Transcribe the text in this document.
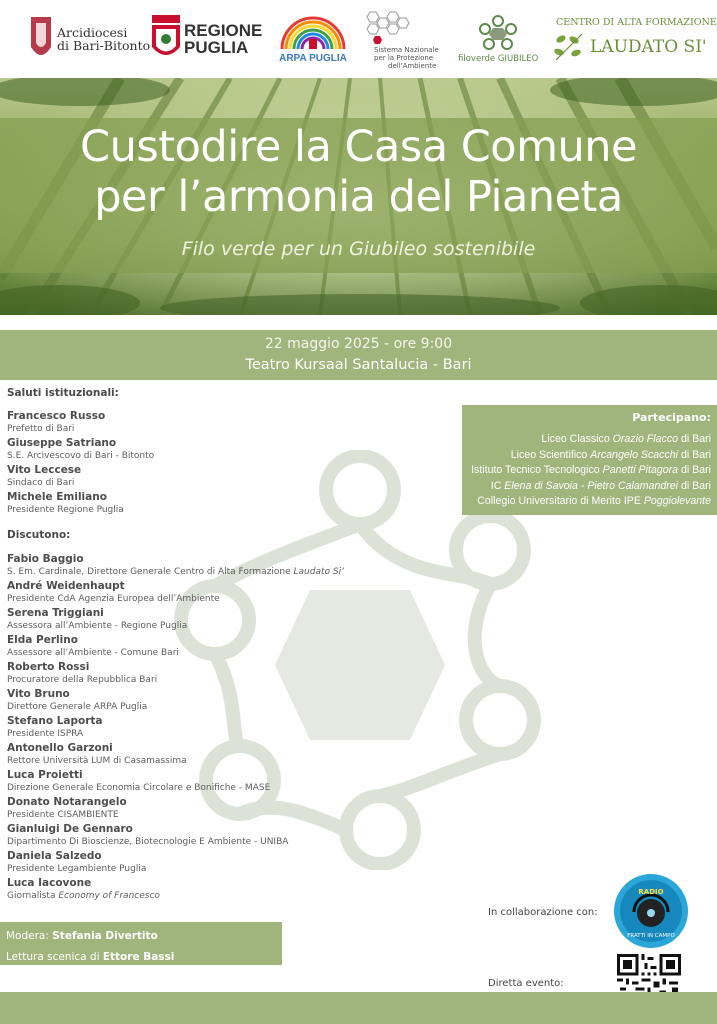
Arcidiocesi
di Bari-Bitonto
REGIONE
PUGLIA
ARPA PUGLIA
Sistema Nazionale
per la Protezione
dell'Ambiente
filoverde GIUBILEO
CENTRO DI ALTA FORMAZIONE
LAUDATO SI'
Custodire la Casa Comune
per l’armonia del Pianeta
Filo verde per un Giubileo sostenibile
22 maggio 2025 - ore 9:00
Teatro Kursaal Santalucia - Bari
Saluti istituzionali:
Francesco Russo
Prefetto di Bari
Giuseppe Satriano
S.E. Arcivescovo di Bari - Bitonto
Vito Leccese
Sindaco di Bari
Michele Emiliano
Presidente Regione Puglia
Discutono:
Fabio Baggio
S. Em. Cardinale, Direttore Generale Centro di Alta Formazione Laudato Si’
André Weidenhaupt
Presidente CdA Agenzia Europea dell’Ambiente
Serena Triggiani
Assessora all’Ambiente - Regione Puglia
Elda Perlino
Assessore all’Ambiente - Comune Bari
Roberto Rossi
Procuratore della Repubblica Bari
Vito Bruno
Direttore Generale ARPA Puglia
Stefano Laporta
Presidente ISPRA
Antonello Garzoni
Rettore Università LUM di Casamassima
Luca Proietti
Direzione Generale Economia Circolare e Bonifiche - MASE
Donato Notarangelo
Presidente CISAMBIENTE
Gianluigi De Gennaro
Dipartimento Di Bioscienze, Biotecnologie E Ambiente - UNIBA
Daniela Salzedo
Presidente Legambiente Puglia
Luca Iacovone
Giornalista Economy of Francesco
Partecipano:
Liceo Classico Orazio Flacco di Bari
Liceo Scientifico Arcangelo Scacchi di Bari
Istituto Tecnico Tecnologico Panetti Pitagora di Bari
IC Elena di Savoia - Pietro Calamandrei di Bari
Collegio Universitario di Merito IPE Poggiolevante
Modera: Stefania Divertito
Lettura scenica di Ettore Bassi
In collaborazione con:
Diretta evento:
RADIO
FRATTI IN CAMPO
